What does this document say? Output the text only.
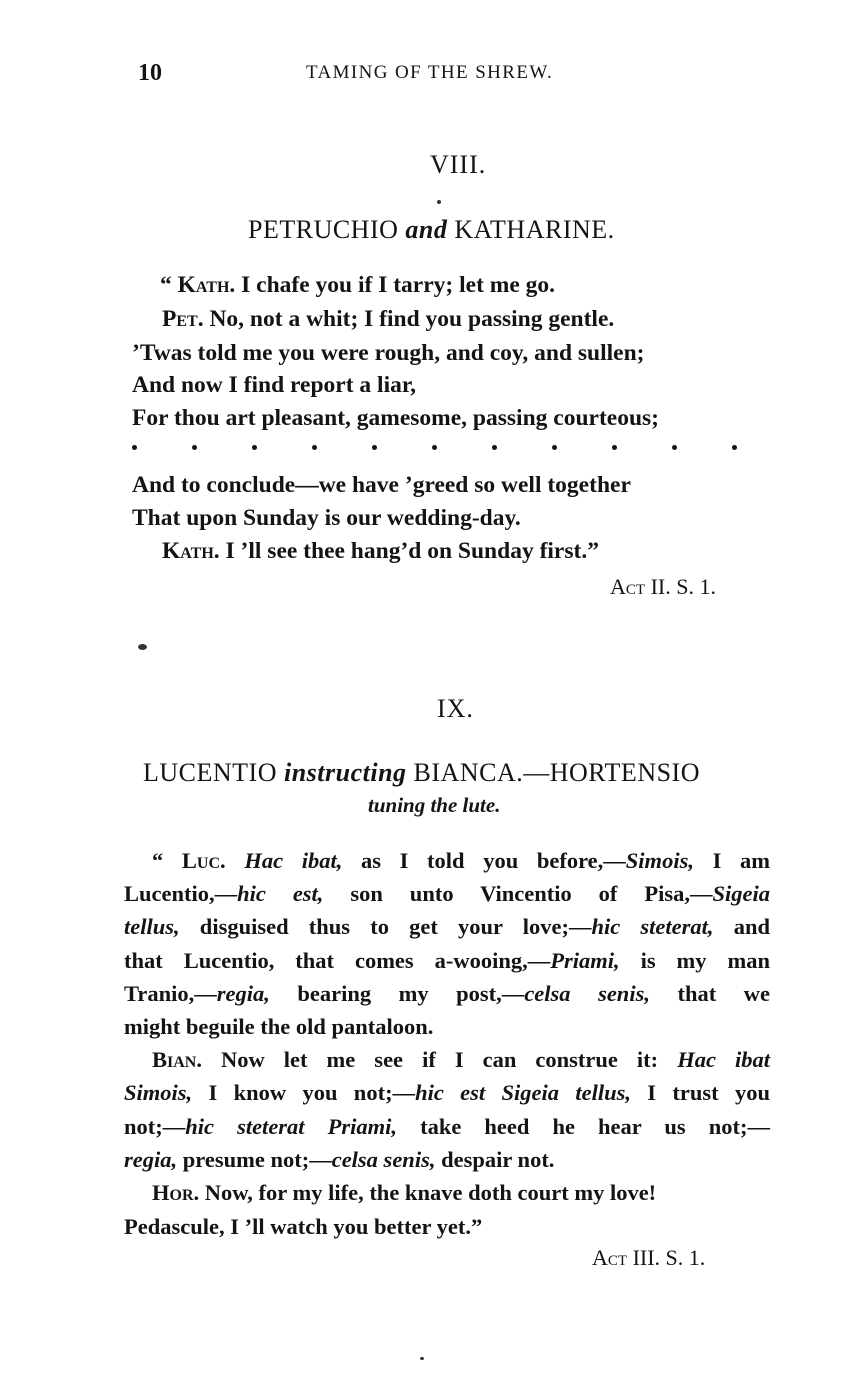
10	TAMING OF THE SHREW.
VIII.
PETRUCHIO and KATHARINE.
“ Kath. I chafe you if I tarry; let me go.
Pet. No, not a whit; I find you passing gentle.
’Twas told me you were rough, and coy, and sullen;
And now I find report a liar,
For thou art pleasant, gamesome, passing courteous;
And to conclude—we have ’greed so well together
That upon Sunday is our wedding-day.
Kath. I ’ll see thee hang’d on Sunday first.”
Act II. S. 1.
IX.
LUCENTIO instructing BIANCA.—HORTENSIO
tuning the lute.
“ Luc. Hac ibat, as I told you before,—Simois, I am
Lucentio,—hic est, son unto Vincentio of Pisa,—Sigeia
tellus, disguised thus to get your love;—hic steterat, and
that Lucentio, that comes a-wooing,—Priami, is my man
Tranio,—regia, bearing my post,—celsa senis, that we
might beguile the old pantaloon.
Bian. Now let me see if I can construe it: Hac ibat
Simois, I know you not;—hic est Sigeia tellus, I trust you
not;—hic steterat Priami, take heed he hear us not;—
regia, presume not;—celsa senis, despair not.
Hor. Now, for my life, the knave doth court my love!
Pedascule, I ’ll watch you better yet.”
Act III. S. 1.
